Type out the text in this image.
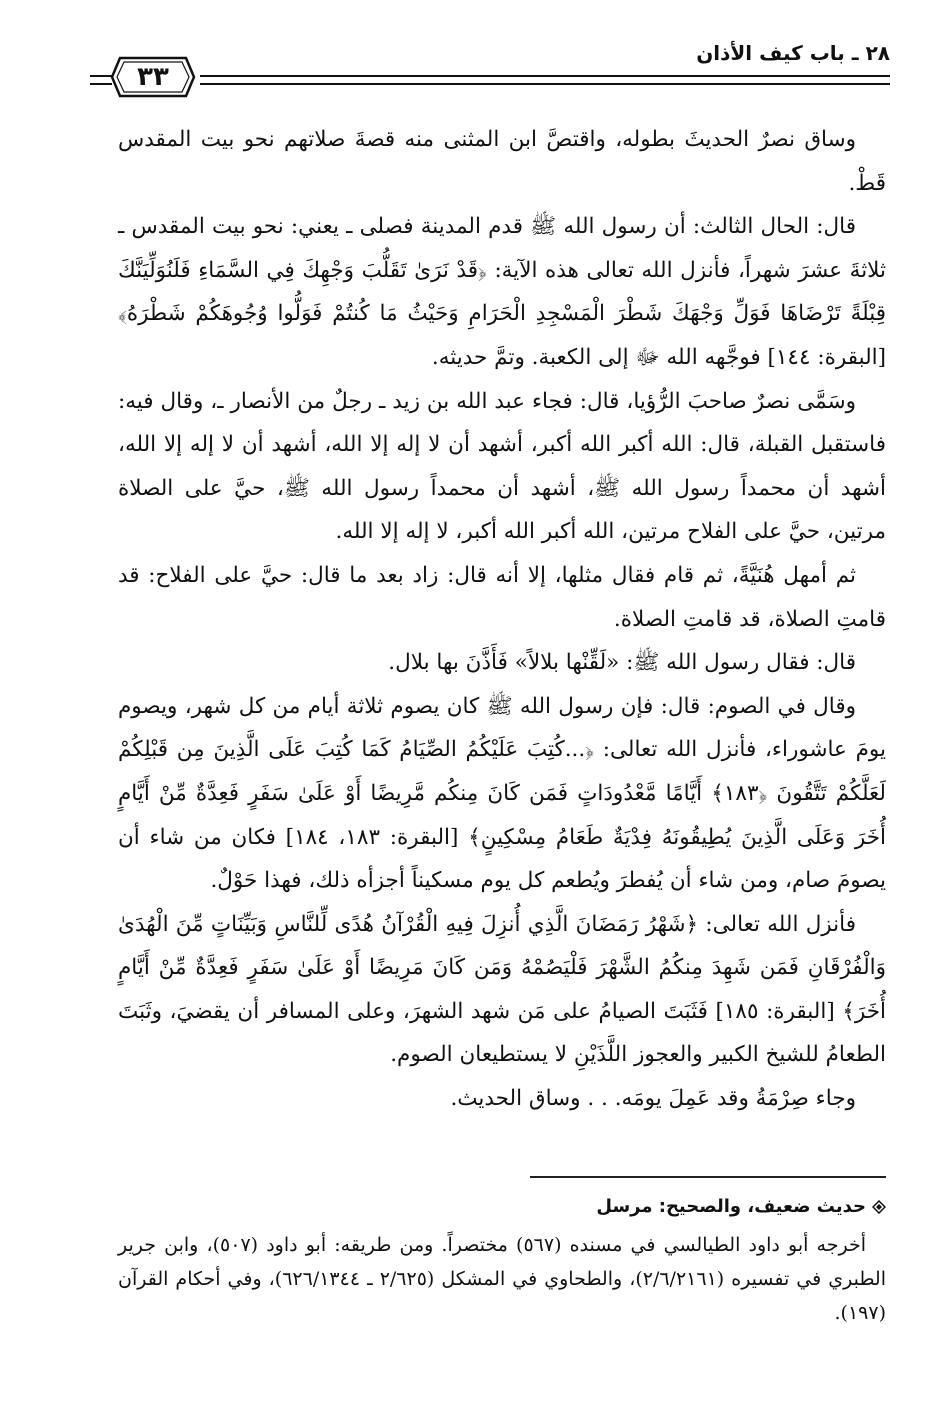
٢٨ ـ باب كيف الأذان
٣٣

وساق نصرٌ الحديثَ بطوله، واقتصَّ ابن المثنى منه قصةَ صلاتهم نحو بيت المقدس قَطْ.

قال: الحال الثالث: أن رسول الله ﷺ قدم المدينة فصلى ـ يعني: نحو بيت المقدس ـ ثلاثةَ عشرَ شهراً، فأنزل الله تعالى هذه الآية: ﴿قَدْ نَرَىٰ تَقَلُّبَ وَجْهِكَ فِي السَّمَاءِ فَلَنُوَلِّيَنَّكَ قِبْلَةً تَرْضَاهَا فَوَلِّ وَجْهَكَ شَطْرَ الْمَسْجِدِ الْحَرَامِ وَحَيْثُ مَا كُنتُمْ فَوَلُّوا وُجُوهَكُمْ شَطْرَهُ﴾ [البقرة: ١٤٤] فوجَّهه الله ﷻ إلى الكعبة. وتمَّ حديثه.

وسَمَّى نصرٌ صاحبَ الرُّؤيا، قال: فجاء عبد الله بن زيد ـ رجلٌ من الأنصار ـ، وقال فيه: فاستقبل القبلة، قال: الله أكبر الله أكبر، أشهد أن لا إله إلا الله، أشهد أن لا إله إلا الله، أشهد أن محمداً رسول الله ﷺ، أشهد أن محمداً رسول الله ﷺ، حيَّ على الصلاة مرتين، حيَّ على الفلاح مرتين، الله أكبر الله أكبر، لا إله إلا الله.

ثم أمهل هُنَيَّةً، ثم قام فقال مثلها، إلا أنه قال: زاد بعد ما قال: حيَّ على الفلاح: قد قامتِ الصلاة، قد قامتِ الصلاة.

قال: فقال رسول الله ﷺ: «لَقِّنْها بلالاً» فَأَذَّنَ بها بلال.

وقال في الصوم: قال: فإن رسول الله ﷺ كان يصوم ثلاثة أيام من كل شهر، ويصوم يومَ عاشوراء، فأنزل الله تعالى: ﴿...كُتِبَ عَلَيْكُمُ الصِّيَامُ كَمَا كُتِبَ عَلَى الَّذِينَ مِن قَبْلِكُمْ لَعَلَّكُمْ تَتَّقُونَ ﴿١٨٣﴾ أَيَّامًا مَّعْدُودَاتٍ فَمَن كَانَ مِنكُم مَّرِيضًا أَوْ عَلَىٰ سَفَرٍ فَعِدَّةٌ مِّنْ أَيَّامٍ أُخَرَ وَعَلَى الَّذِينَ يُطِيقُونَهُ فِدْيَةٌ طَعَامُ مِسْكِينٍ﴾ [البقرة: ١٨٣، ١٨٤] فكان من شاء أن يصومَ صام، ومن شاء أن يُفطرَ ويُطعم كل يوم مسكيناً أجزأه ذلك، فهذا حَوْلٌ.

فأنزل الله تعالى: ﴿شَهْرُ رَمَضَانَ الَّذِي أُنزِلَ فِيهِ الْقُرْآنُ هُدًى لِّلنَّاسِ وَبَيِّنَاتٍ مِّنَ الْهُدَىٰ وَالْفُرْقَانِ فَمَن شَهِدَ مِنكُمُ الشَّهْرَ فَلْيَصُمْهُ وَمَن كَانَ مَرِيضًا أَوْ عَلَىٰ سَفَرٍ فَعِدَّةٌ مِّنْ أَيَّامٍ أُخَرَ﴾ [البقرة: ١٨٥] فَثَبَتَ الصيامُ على مَن شهد الشهرَ، وعلى المسافر أن يقضيَ، وثَبَتَ الطعامُ للشيخ الكبير والعجوز اللَّذَيْنِ لا يستطيعان الصوم.

وجاء صِرْمَةُ وقد عَمِلَ يومَه. . . وساق الحديث.

حديث ضعيف، والصحيح: مرسل

أخرجه أبو داود الطيالسي في مسنده (٥٦٧) مختصراً. ومن طريقه: أبو داود (٥٠٧)، وابن جرير الطبري في تفسيره (٢/٦/٢١٦١)، والطحاوي في المشكل (٢/٦٢٥ ـ ٦٢٦/١٣٤٤)، وفي أحكام القرآن (١٩٧).
